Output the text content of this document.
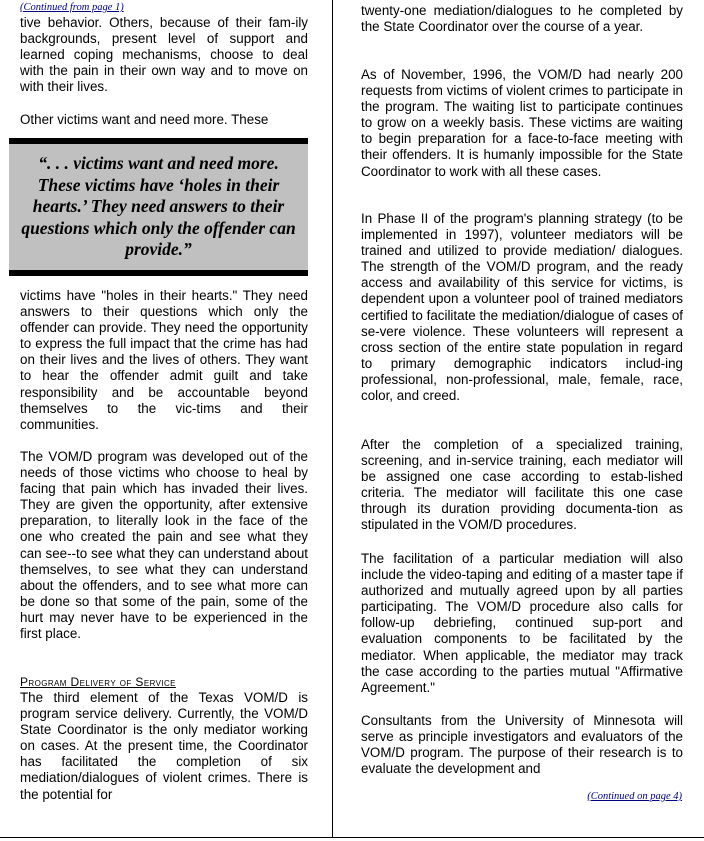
(Continued from page 1)

tive behavior. Others, because of their fam-ily backgrounds, present level of support and learned coping mechanisms, choose to deal with the pain in their own way and to move on with their lives.

Other victims want and need more. These

victims have "holes in their hearts." They need answers to their questions which only the offender can provide. They need the opportunity to express the full impact that the crime has had on their lives and the lives of others. They want to hear the offender admit guilt and take responsibility and be accountable beyond themselves to the vic-tims and their communities.

The VOM/D program was developed out of the needs of those victims who choose to heal by facing that pain which has invaded their lives. They are given the opportunity, after extensive preparation, to literally look in the face of the one who created the pain and see what they can see--to see what they can understand about themselves, to see what they can understand about the offenders, and to see what more can be done so that some of the pain, some of the hurt may never have to be experienced in the first place.

Program Delivery of Service

The third element of the Texas VOM/D is program service delivery. Currently, the VOM/D State Coordinator is the only mediator working on cases. At the present time, the Coordinator has facilitated the completion of six mediation/dialogues of violent crimes. There is the potential for

“. . . victims want and need more. These victims have ‘holes in their hearts.’ They need answers to their questions which only the offender can provide.”

twenty-one mediation/dialogues to he completed by the State Coordinator over the course of a year.

As of November, 1996, the VOM/D had nearly 200 requests from victims of violent crimes to participate in the program. The waiting list to participate continues to grow on a weekly basis. These victims are waiting to begin preparation for a face-to-face meeting with their offenders. It is humanly impossible for the State Coordinator to work with all these cases.

In Phase II of the program's planning strategy (to be implemented in 1997), volunteer mediators will be trained and utilized to provide mediation/ dialogues. The strength of the VOM/D program, and the ready access and availability of this service for victims, is dependent upon a volunteer pool of trained mediators certified to facilitate the mediation/dialogue of cases of se-vere violence. These volunteers will represent a cross section of the entire state population in regard to primary demographic indicators includ-ing professional, non-professional, male, female, race, color, and creed.

After the completion of a specialized training, screening, and in-service training, each mediator will be assigned one case according to estab-lished criteria. The mediator will facilitate this one case through its duration providing documenta-tion as stipulated in the VOM/D procedures.

The facilitation of a particular mediation will also include the video-taping and editing of a master tape if authorized and mutually agreed upon by all parties participating. The VOM/D procedure also calls for follow-up debriefing, continued sup-port and evaluation components to be facilitated by the mediator. When applicable, the mediator may track the case according to the parties mutual "Affirmative Agreement."

Consultants from the University of Minnesota will serve as principle investigators and evaluators of the VOM/D program. The purpose of their research is to evaluate the development and

(Continued on page 4)
